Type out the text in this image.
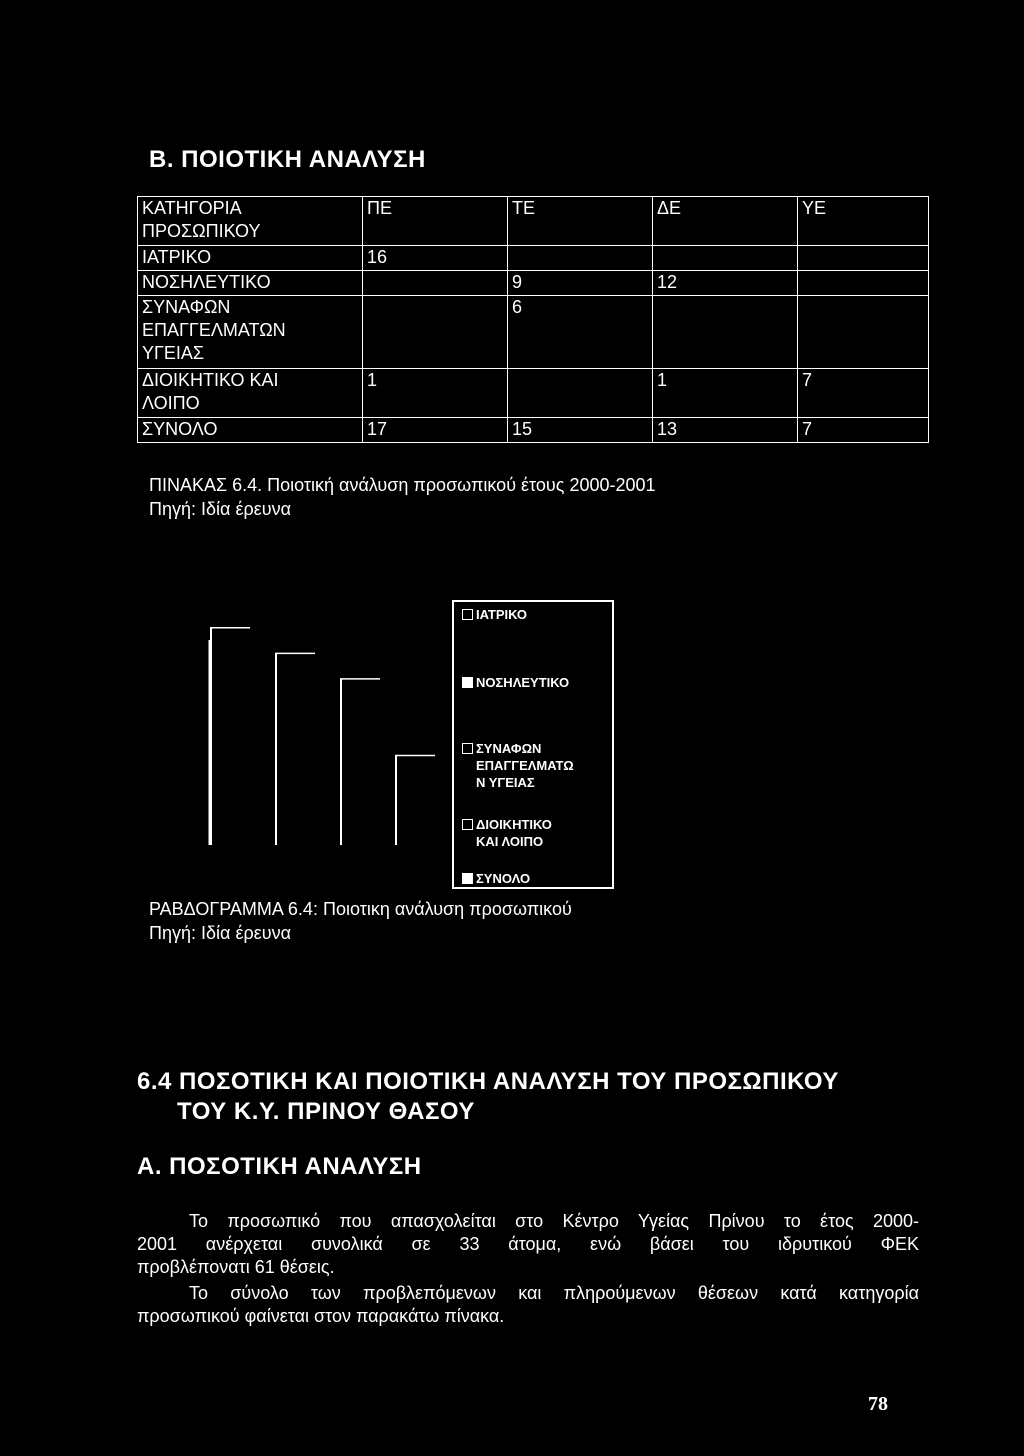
Β. ΠΟΙΟΤΙΚΗ ΑΝΑΛΥΣΗ
ΚΑΤΗΓΟΡΙΑ
ΠΡΟΣΩΠΙΚΟΥ	ΠΕ	ΤΕ	ΔΕ	ΥΕ

ΙΑΤΡΙΚΟ	16			

ΝΟΣΗΛΕΥΤΙΚΟ		9	12	

ΣΥΝΑΦΩΝ
ΕΠΑΓΓΕΛΜΑΤΩΝ
ΥΓΕΙΑΣ		6		

ΔΙΟΙΚΗΤΙΚΟ ΚΑΙ
ΛΟΙΠΟ	1		1	7

ΣΥΝΟΛΟ	17	15	13	7
ΠΙΝΑΚΑΣ 6.4. Ποιοτική ανάλυση προσωπικού έτους 2000-2001
Πηγή: Ιδία έρευνα
ΙΑΤΡΙΚΟ
ΝΟΣΗΛΕΥΤΙΚΟ
ΣΥΝΑΦΩΝ
ΕΠΑΓΓΕΛΜΑΤΩ
Ν ΥΓΕΙΑΣ
ΔΙΟΙΚΗΤΙΚΟ
ΚΑΙ ΛΟΙΠΟ
ΣΥΝΟΛΟ
ΡΑΒΔΟΓΡΑΜΜΑ 6.4: Ποιοτικη ανάλυση προσωπικού
Πηγή: Ιδία έρευνα
6.4 ΠΟΣΟΤΙΚΗ ΚΑΙ ΠΟΙΟΤΙΚΗ ΑΝΑΛΥΣΗ ΤΟΥ ΠΡΟΣΩΠΙΚΟΥ
ΤΟΥ Κ.Υ. ΠΡΙΝΟΥ ΘΑΣΟΥ
Α. ΠΟΣΟΤΙΚΗ ΑΝΑΛΥΣΗ
Το προσωπικό που απασχολείται στο Κέντρο Υγείας Πρίνου το έτος 2000-
2001 ανέρχεται συνολικά σε 33 άτομα, ενώ βάσει του ιδρυτικού ΦΕΚ
προβλέπονατι 61 θέσεις.
Το σύνολο των προβλεπόμενων και πληρούμενων θέσεων κατά κατηγορία
προσωπικού φαίνεται στον παρακάτω πίνακα.
78
